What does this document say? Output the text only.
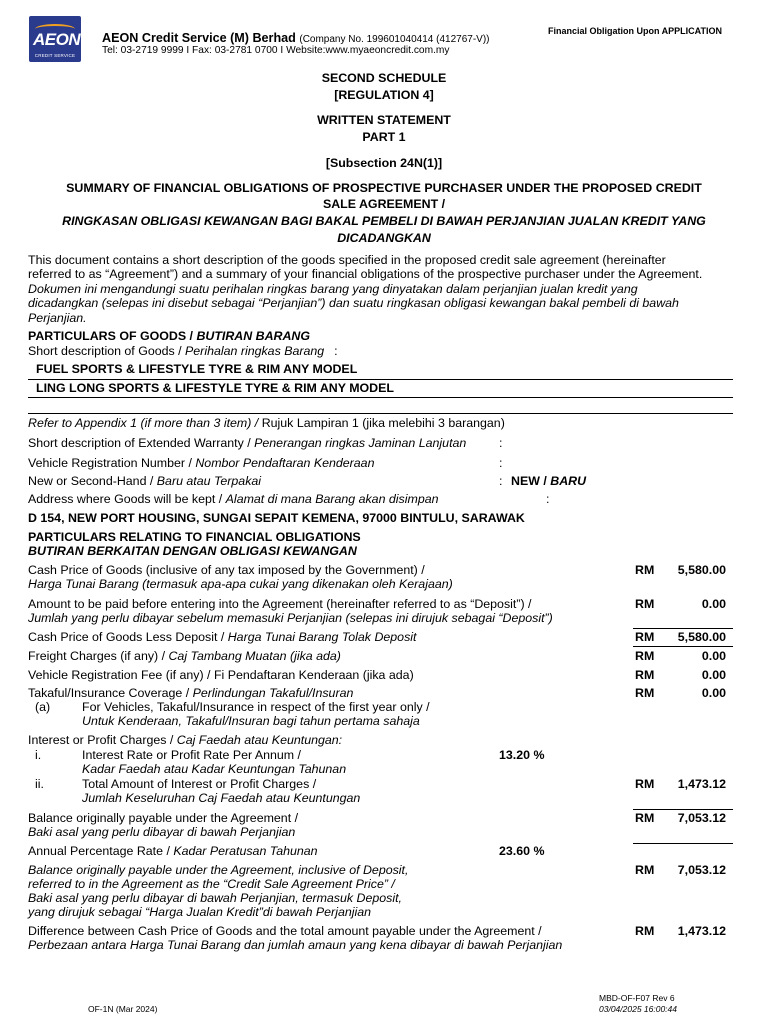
AEON
CREDIT SERVICE
AEON Credit Service (M) Berhad (Company No. 199601040414 (412767-V))
Tel: 03-2719 9999 I Fax: 03-2781 0700 I Website:www.myaeoncredit.com.my
Financial Obligation Upon APPLICATION
SECOND SCHEDULE
[REGULATION 4]
WRITTEN STATEMENT
PART 1
[Subsection 24N(1)]
SUMMARY OF FINANCIAL OBLIGATIONS OF PROSPECTIVE PURCHASER UNDER THE PROPOSED CREDIT
SALE AGREEMENT /
RINGKASAN OBLIGASI KEWANGAN BAGI BAKAL PEMBELI DI BAWAH PERJANJIAN JUALAN KREDIT YANG
DICADANGKAN
This document contains a short description of the goods specified in the proposed credit sale agreement (hereinafter
referred to as “Agreement”) and a summary of your financial obligations of the prospective purchaser under the Agreement.
Dokumen ini mengandungi suatu perihalan ringkas barang yang dinyatakan dalam perjanjian jualan kredit yang
dicadangkan (selepas ini disebut sebagai “Perjanjian”) dan suatu ringkasan obligasi kewangan bakal pembeli di bawah
Perjanjian.
PARTICULARS OF GOODS / BUTIRAN BARANG
Short description of Goods / Perihalan ringkas Barang :
FUEL SPORTS & LIFESTYLE TYRE & RIM ANY MODEL
LING LONG SPORTS & LIFESTYLE TYRE & RIM ANY MODEL
Refer to Appendix 1 (if more than 3 item) / Rujuk Lampiran 1 (jika melebihi 3 barangan)
Short description of Extended Warranty / Penerangan ringkas Jaminan Lanjutan	:
Vehicle Registration Number / Nombor Pendaftaran Kenderaan	:
New or Second-Hand / Baru atau Terpakai	: NEW / BARU
Address where Goods will be kept / Alamat di mana Barang akan disimpan	:
D 154, NEW PORT HOUSING, SUNGAI SEPAIT KEMENA, 97000 BINTULU, SARAWAK
PARTICULARS RELATING TO FINANCIAL OBLIGATIONS
BUTIRAN BERKAITAN DENGAN OBLIGASI KEWANGAN
Cash Price of Goods (inclusive of any tax imposed by the Government) /
Harga Tunai Barang (termasuk apa-apa cukai yang dikenakan oleh Kerajaan)
RM	5,580.00
Amount to be paid before entering into the Agreement (hereinafter referred to as “Deposit”) /
Jumlah yang perlu dibayar sebelum memasuki Perjanjian (selepas ini dirujuk sebagai “Deposit”)
RM	0.00
Cash Price of Goods Less Deposit / Harga Tunai Barang Tolak Deposit	RM	5,580.00
Freight Charges (if any) / Caj Tambang Muatan (jika ada)	RM	0.00
Vehicle Registration Fee (if any) / Fi Pendaftaran Kenderaan (jika ada)	RM	0.00
Takaful/Insurance Coverage / Perlindungan Takaful/Insuran	RM	0.00
(a)	For Vehicles, Takaful/Insurance in respect of the first year only /
Untuk Kenderaan, Takaful/Insuran bagi tahun pertama sahaja
Interest or Profit Charges / Caj Faedah atau Keuntungan:
i.	Interest Rate or Profit Rate Per Annum /
Kadar Faedah atau Kadar Keuntungan Tahunan
13.20 %
ii.	Total Amount of Interest or Profit Charges /
Jumlah Keseluruhan Caj Faedah atau Keuntungan
RM	1,473.12
Balance originally payable under the Agreement /
Baki asal yang perlu dibayar di bawah Perjanjian
RM	7,053.12
Annual Percentage Rate / Kadar Peratusan Tahunan	23.60 %
Balance originally payable under the Agreement, inclusive of Deposit,
referred to in the Agreement as the “Credit Sale Agreement Price” /
Baki asal yang perlu dibayar di bawah Perjanjian, termasuk Deposit,
yang dirujuk sebagai “Harga Jualan Kredit”di bawah Perjanjian
RM	7,053.12
Difference between Cash Price of Goods and the total amount payable under the Agreement /
Perbezaan antara Harga Tunai Barang dan jumlah amaun yang kena dibayar di bawah Perjanjian
RM	1,473.12
OF-1N (Mar 2024)
MBD-OF-F07 Rev 6
03/04/2025 16:00:44
